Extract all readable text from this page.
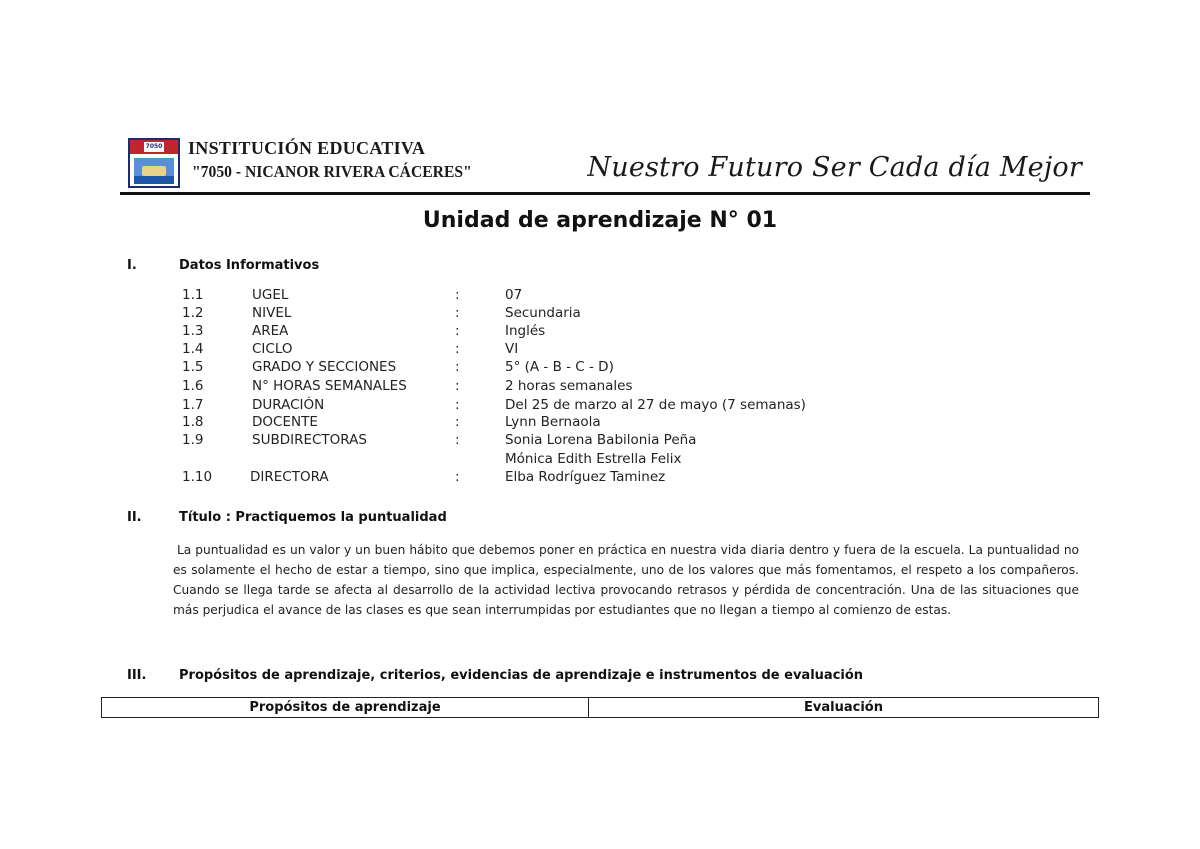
7050 INSTITUCIÓN EDUCATIVA
"7050 - NICANOR RIVERA CÁCERES"	Nuestro Futuro Ser Cada día Mejor
Unidad de aprendizaje N° 01
I.	Datos Informativos
1.1	UGEL	:	07
1.2	NIVEL	:	Secundaria
1.3	AREA	:	Inglés
1.4	CICLO	:	VI
1.5	GRADO Y SECCIONES	:	5° (A - B - C - D)
1.6	N° HORAS SEMANALES	:	2 horas semanales
1.7	DURACIÓN	:	Del 25 de marzo al 27 de mayo (7 semanas)
1.8	DOCENTE	:	Lynn Bernaola
1.9	SUBDIRECTORAS	:	Sonia Lorena Babilonia Peña
Mónica Edith Estrella Felix
1.10	DIRECTORA	:	Elba Rodríguez Taminez
II.	Título : Practiquemos la puntualidad
La puntualidad es un valor y un buen hábito que debemos poner en práctica en nuestra vida diaria dentro y fuera de la escuela. La puntualidad no es solamente el hecho de estar a tiempo, sino que implica, especialmente, uno de los valores que más fomentamos, el respeto a los compañeros. Cuando se llega tarde se afecta al desarrollo de la actividad lectiva provocando retrasos y pérdida de concentración. Una de las situaciones que más perjudica el avance de las clases es que sean interrumpidas por estudiantes que no llegan a tiempo al comienzo de estas.
III.	Propósitos de aprendizaje, criterios, evidencias de aprendizaje e instrumentos de evaluación
Propósitos de aprendizaje	Evaluación
